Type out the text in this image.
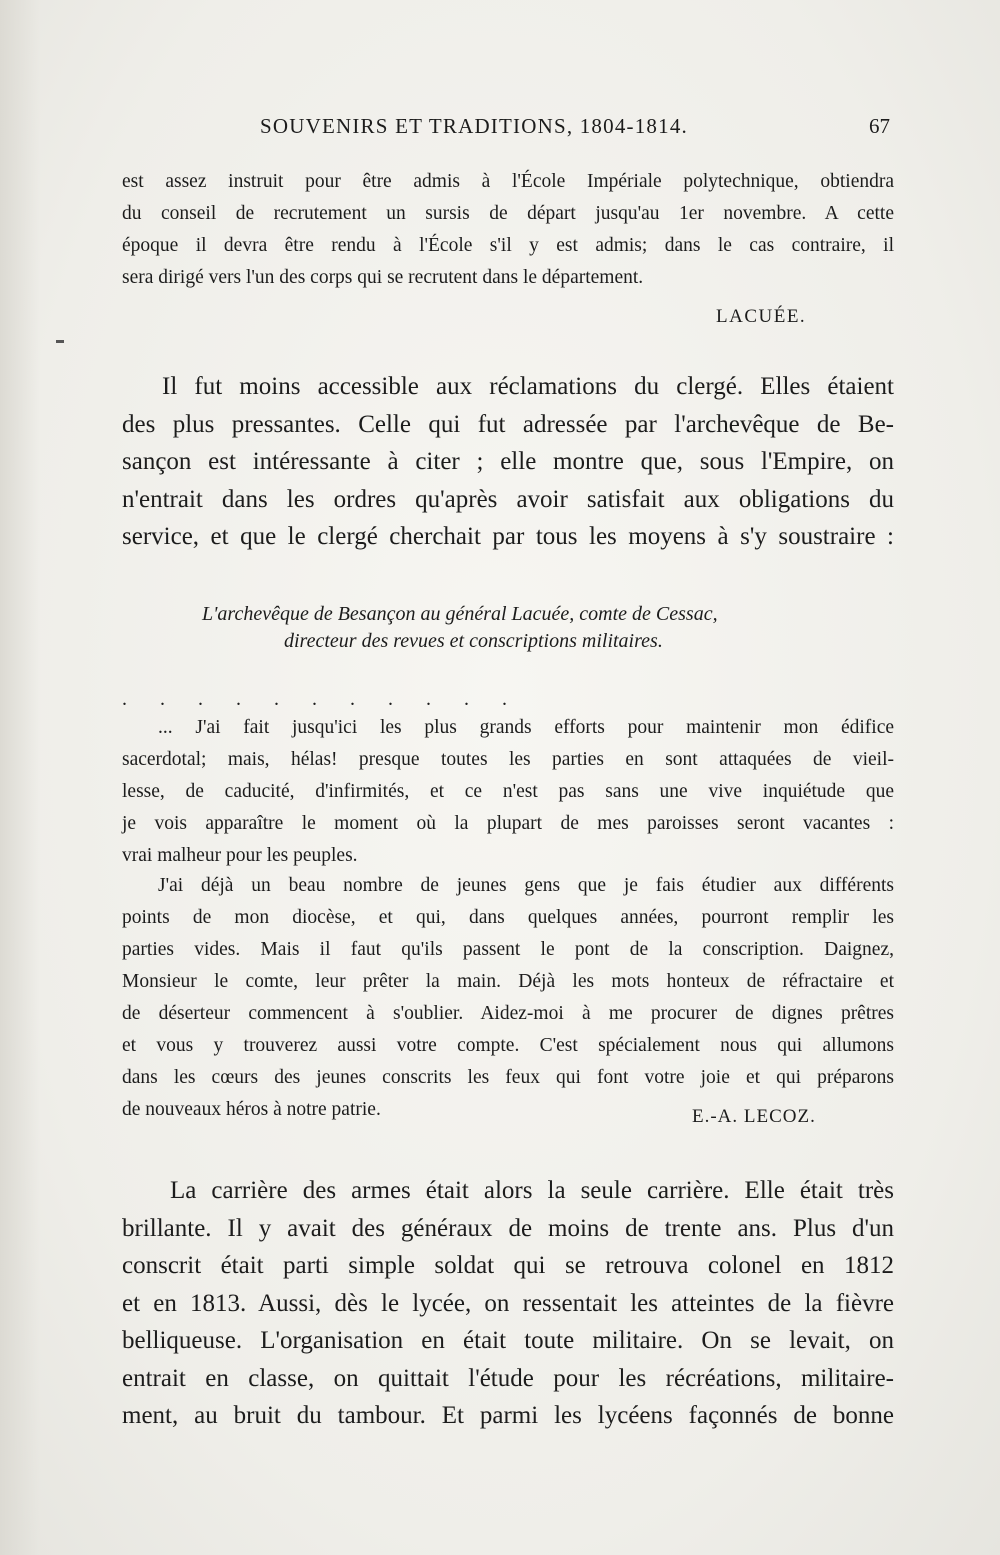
SOUVENIRS ET TRADITIONS, 1804-1814.	67
est assez instruit pour être admis à l'École Impériale polytechnique, obtiendra
du conseil de recrutement un sursis de départ jusqu'au 1er novembre. A cette
époque il devra être rendu à l'École s'il y est admis; dans le cas contraire, il
sera dirigé vers l'un des corps qui se recrutent dans le département.
LACUÉE.
Il fut moins accessible aux réclamations du clergé. Elles étaient
des plus pressantes. Celle qui fut adressée par l'archevêque de Be-
sançon est intéressante à citer ; elle montre que, sous l'Empire, on
n'entrait dans les ordres qu'après avoir satisfait aux obligations du
service, et que le clergé cherchait par tous les moyens à s'y soustraire :
L'archevêque de Besançon au général Lacuée, comte de Cessac,
directeur des revues et conscriptions militaires.
. . . . . . . . . . .
... J'ai fait jusqu'ici les plus grands efforts pour maintenir mon édifice
sacerdotal; mais, hélas! presque toutes les parties en sont attaquées de vieil-
lesse, de caducité, d'infirmités, et ce n'est pas sans une vive inquiétude que
je vois apparaître le moment où la plupart de mes paroisses seront vacantes :
vrai malheur pour les peuples.
J'ai déjà un beau nombre de jeunes gens que je fais étudier aux différents
points de mon diocèse, et qui, dans quelques années, pourront remplir les
parties vides. Mais il faut qu'ils passent le pont de la conscription. Daignez,
Monsieur le comte, leur prêter la main. Déjà les mots honteux de réfractaire et
de déserteur commencent à s'oublier. Aidez-moi à me procurer de dignes prêtres
et vous y trouverez aussi votre compte. C'est spécialement nous qui allumons
dans les cœurs des jeunes conscrits les feux qui font votre joie et qui préparons
de nouveaux héros à notre patrie.	E.-A. LECOZ.
La carrière des armes était alors la seule carrière. Elle était très
brillante. Il y avait des généraux de moins de trente ans. Plus d'un
conscrit était parti simple soldat qui se retrouva colonel en 1812
et en 1813. Aussi, dès le lycée, on ressentait les atteintes de la fièvre
belliqueuse. L'organisation en était toute militaire. On se levait, on
entrait en classe, on quittait l'étude pour les récréations, militaire-
ment, au bruit du tambour. Et parmi les lycéens façonnés de bonne
